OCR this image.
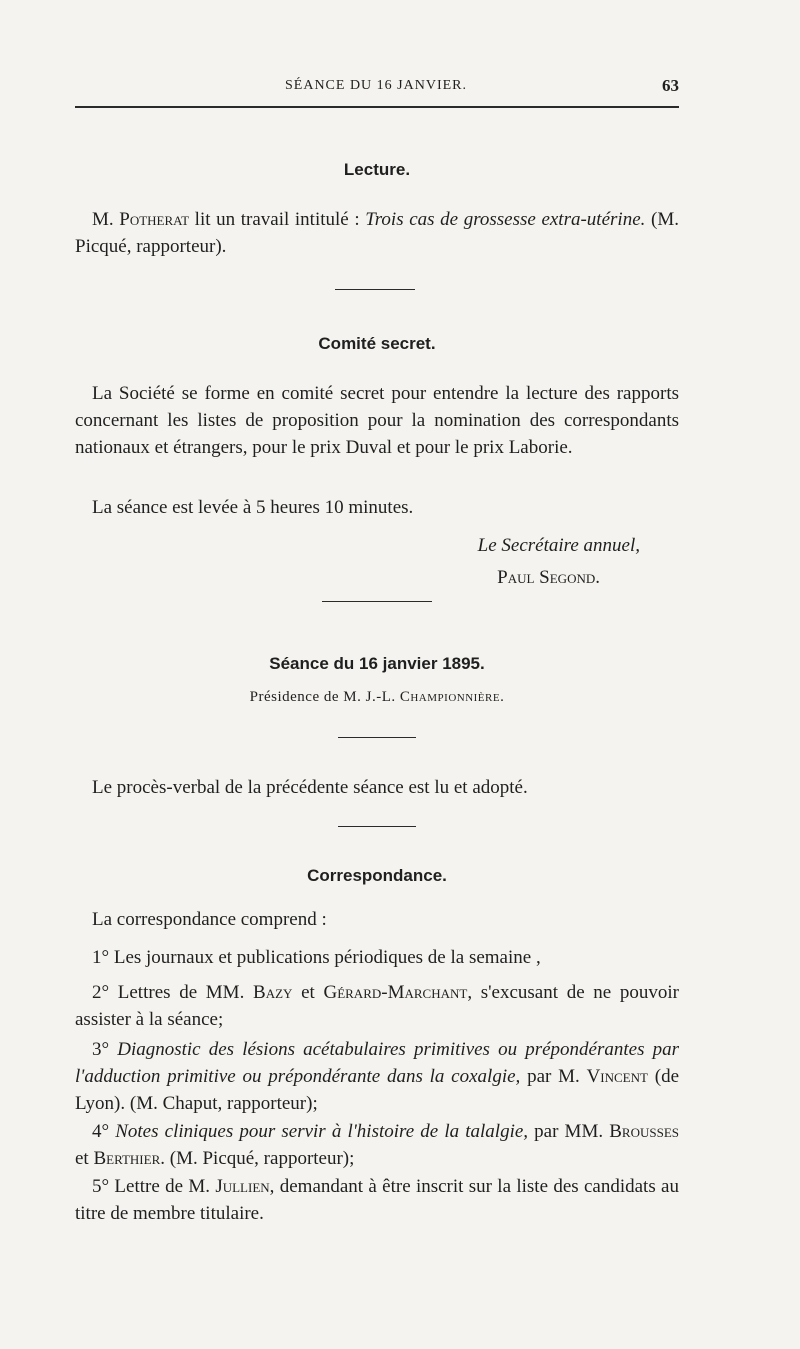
SÉANCE DU 16 JANVIER.	63
Lecture.
M. Potherat lit un travail intitulé : Trois cas de grossesse extra-utérine. (M. Picqué, rapporteur).
Comité secret.
La Société se forme en comité secret pour entendre la lecture des rapports concernant les listes de proposition pour la nomination des correspondants nationaux et étrangers, pour le prix Duval et pour le prix Laborie.
La séance est levée à 5 heures 10 minutes.
Le Secrétaire annuel,
Paul Segond.
Séance du 16 janvier 1895.
Présidence de M. J.-L. Championnière.
Le procès-verbal de la précédente séance est lu et adopté.
Correspondance.
La correspondance comprend :
1° Les journaux et publications périodiques de la semaine ,
2° Lettres de MM. Bazy et Gérard-Marchant, s'excusant de ne pouvoir assister à la séance;
3° Diagnostic des lésions acétabulaires primitives ou prépondérantes par l'adduction primitive ou prépondérante dans la coxalgie, par M. Vincent (de Lyon). (M. Chaput, rapporteur);
4° Notes cliniques pour servir à l'histoire de la talalgie, par MM. Brousses et Berthier. (M. Picqué, rapporteur);
5° Lettre de M. Jullien, demandant à être inscrit sur la liste des candidats au titre de membre titulaire.
